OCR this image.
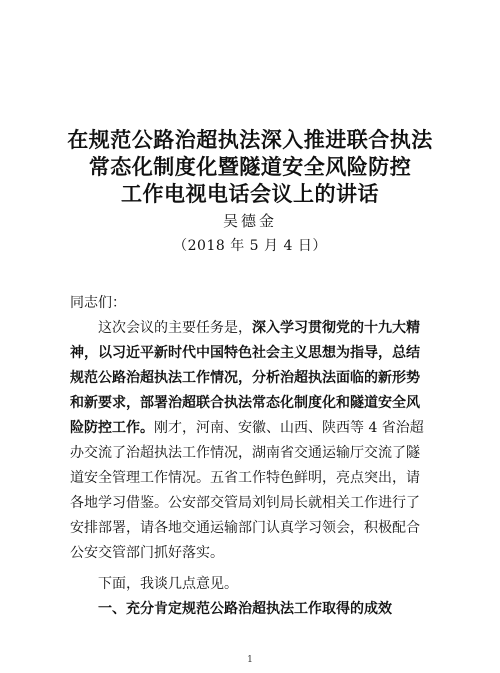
在规范公路治超执法深入推进联合执法
常态化制度化暨隧道安全风险防控
工作电视电话会议上的讲话
吴德金
（2018 年 5 月 4 日）
同志们：
这次会议的主要任务是，深入学习贯彻党的十九大精
神，以习近平新时代中国特色社会主义思想为指导，总结
规范公路治超执法工作情况，分析治超执法面临的新形势
和新要求，部署治超联合执法常态化制度化和隧道安全风
险防控工作。刚才，河南、安徽、山西、陕西等 4 省治超
办交流了治超执法工作情况，湖南省交通运输厅交流了隧
道安全管理工作情况。五省工作特色鲜明，亮点突出，请
各地学习借鉴。公安部交管局刘钊局长就相关工作进行了
安排部署，请各地交通运输部门认真学习领会，积极配合
公安交管部门抓好落实。
下面，我谈几点意见。
一、充分肯定规范公路治超执法工作取得的成效
1
